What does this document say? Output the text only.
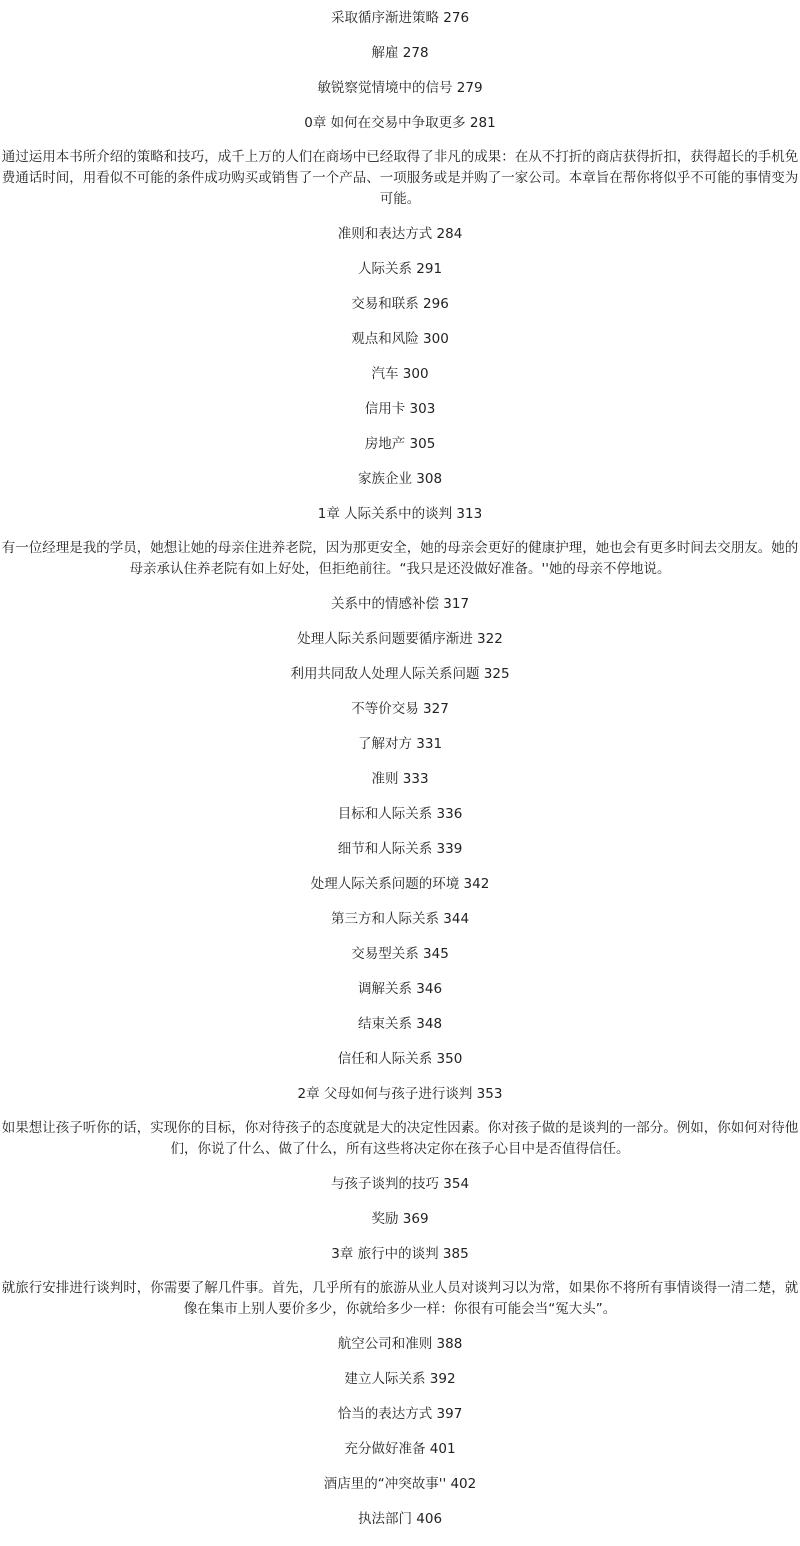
采取循序渐进策略 276

解雇 278

敏锐察觉情境中的信号 279

0章 如何在交易中争取更多 281

通过运用本书所介绍的策略和技巧，成千上万的人们在商场中已经取得了非凡的成果：在从不打折的商店获得折扣，获得超长的手机免费通话时间，用看似不可能的条件成功购买或销售了一个产品、一项服务或是并购了一家公司。本章旨在帮你将似乎不可能的事情变为可能。

准则和表达方式 284

人际关系 291

交易和联系 296

观点和风险 300

汽车 300

信用卡 303

房地产 305

家族企业 308

1章 人际关系中的谈判 313

有一位经理是我的学员，她想让她的母亲住进养老院，因为那更安全，她的母亲会更好的健康护理，她也会有更多时间去交朋友。她的母亲承认住养老院有如上好处，但拒绝前往。“我只是还没做好准备。''她的母亲不停地说。

关系中的情感补偿 317

处理人际关系问题要循序渐进 322

利用共同敌人处理人际关系问题 325

不等价交易 327

了解对方 331

准则 333

目标和人际关系 336

细节和人际关系 339

处理人际关系问题的环境 342

第三方和人际关系 344

交易型关系 345

调解关系 346

结束关系 348

信任和人际关系 350

2章 父母如何与孩子进行谈判 353

如果想让孩子听你的话，实现你的目标，你对待孩子的态度就是大的决定性因素。你对孩子做的是谈判的一部分。例如，你如何对待他们，你说了什么、做了什么，所有这些将决定你在孩子心目中是否值得信任。

与孩子谈判的技巧 354

奖励 369

3章 旅行中的谈判 385

就旅行安排进行谈判时，你需要了解几件事。首先，几乎所有的旅游从业人员对谈判习以为常，如果你不将所有事情谈得一清二楚，就像在集市上别人要价多少，你就给多少一样：你很有可能会当“冤大头”。

航空公司和准则 388

建立人际关系 392

恰当的表达方式 397

充分做好准备 401

酒店里的“冲突故事'' 402

执法部门 406
